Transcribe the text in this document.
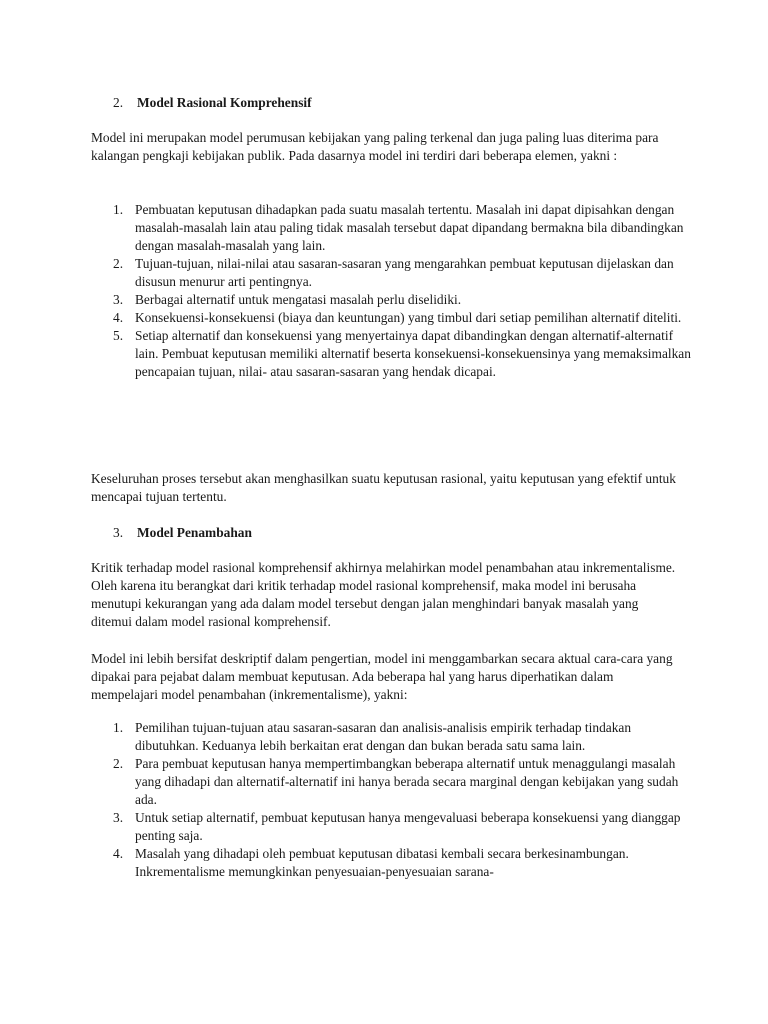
2. Model Rasional Komprehensif

Model ini merupakan model perumusan kebijakan yang paling terkenal dan juga paling luas diterima para kalangan pengkaji kebijakan publik. Pada dasarnya model ini terdiri dari beberapa elemen, yakni :

1. Pembuatan keputusan dihadapkan pada suatu masalah tertentu. Masalah ini dapat dipisahkan dengan masalah-masalah lain atau paling tidak masalah tersebut dapat dipandang bermakna bila dibandingkan dengan masalah-masalah yang lain.
2. Tujuan-tujuan, nilai-nilai atau sasaran-sasaran yang mengarahkan pembuat keputusan dijelaskan dan disusun menurur arti pentingnya.
3. Berbagai alternatif untuk mengatasi masalah perlu diselidiki.
4. Konsekuensi-konsekuensi (biaya dan keuntungan) yang timbul dari setiap pemilihan alternatif diteliti.
5. Setiap alternatif dan konsekuensi yang menyertainya dapat dibandingkan dengan alternatif-alternatif lain. Pembuat keputusan memiliki alternatif beserta konsekuensi-konsekuensinya yang memaksimalkan pencapaian tujuan, nilai- atau sasaran-sasaran yang hendak dicapai.

Keseluruhan proses tersebut akan menghasilkan suatu keputusan rasional, yaitu keputusan yang efektif untuk mencapai tujuan tertentu.

3. Model Penambahan

Kritik terhadap model rasional komprehensif akhirnya melahirkan model penambahan atau inkrementalisme. Oleh karena itu berangkat dari kritik terhadap model rasional komprehensif, maka model ini berusaha menutupi kekurangan yang ada dalam model tersebut dengan jalan menghindari banyak masalah yang ditemui dalam model rasional komprehensif.

Model ini lebih bersifat deskriptif dalam pengertian, model ini menggambarkan secara aktual cara-cara yang dipakai para pejabat dalam membuat keputusan. Ada beberapa hal yang harus diperhatikan dalam mempelajari model penambahan (inkrementalisme), yakni:

1. Pemilihan tujuan-tujuan atau sasaran-sasaran dan analisis-analisis empirik terhadap tindakan dibutuhkan. Keduanya lebih berkaitan erat dengan dan bukan berada satu sama lain.
2. Para pembuat keputusan hanya mempertimbangkan beberapa alternatif untuk menaggulangi masalah yang dihadapi dan alternatif-alternatif ini hanya berada secara marginal dengan kebijakan yang sudah ada.
3. Untuk setiap alternatif, pembuat keputusan hanya mengevaluasi beberapa konsekuensi yang dianggap penting saja.
4. Masalah yang dihadapi oleh pembuat keputusan dibatasi kembali secara berkesinambungan. Inkrementalisme memungkinkan penyesuaian-penyesuaian sarana-
